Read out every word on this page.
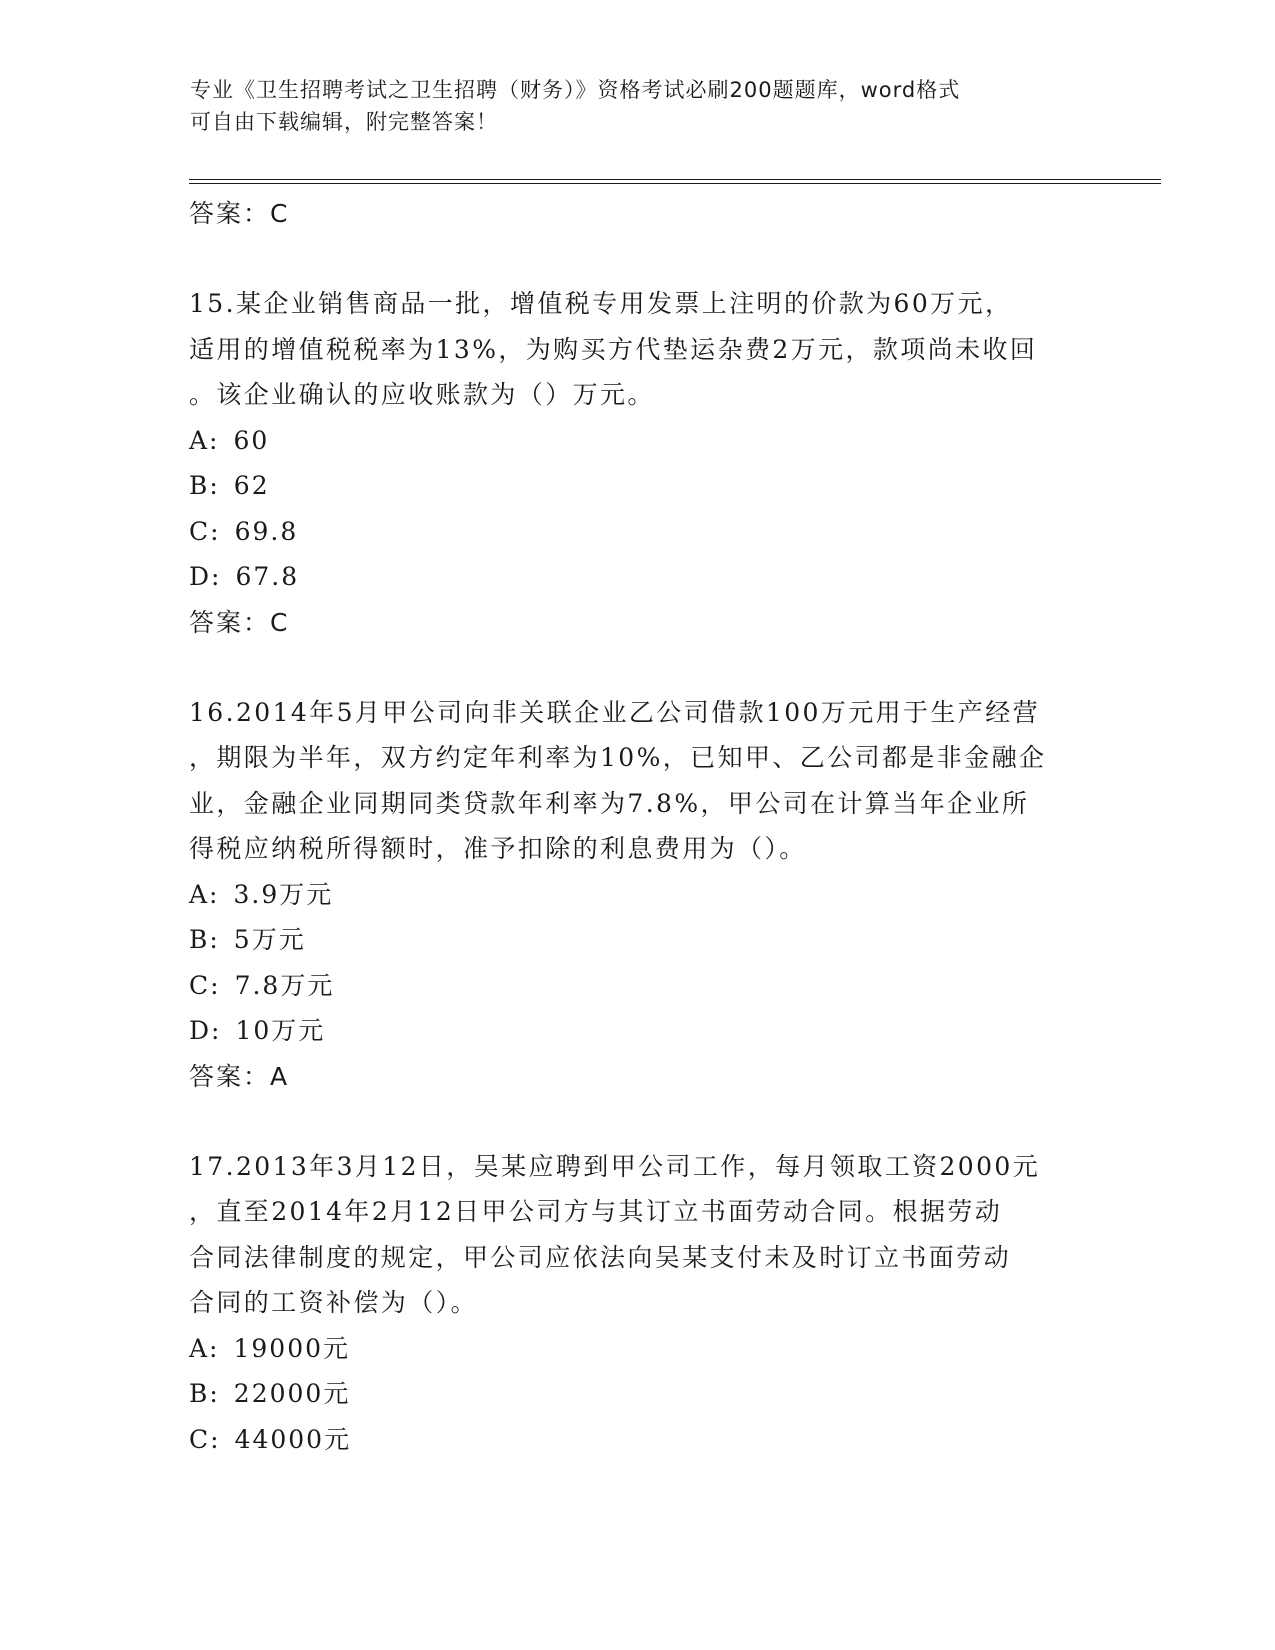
专业《卫生招聘考试之卫生招聘（财务）》资格考试必刷200题题库，word格式
可自由下载编辑，附完整答案！

答案：C

15.某企业销售商品一批，增值税专用发票上注明的价款为60万元，
适用的增值税税率为13%，为购买方代垫运杂费2万元，款项尚未收回
。该企业确认的应收账款为（）万元。
A: 60
B: 62
C: 69.8
D: 67.8

答案：C

16.2014年5月甲公司向非关联企业乙公司借款100万元用于生产经营
，期限为半年，双方约定年利率为10%，已知甲、乙公司都是非金融企
业，金融企业同期同类贷款年利率为7.8%，甲公司在计算当年企业所
得税应纳税所得额时，准予扣除的利息费用为（）。
A: 3.9万元
B: 5万元
C: 7.8万元
D: 10万元

答案：A

17.2013年3月12日，吴某应聘到甲公司工作，每月领取工资2000元
，直至2014年2月12日甲公司方与其订立书面劳动合同。根据劳动
合同法律制度的规定，甲公司应依法向吴某支付未及时订立书面劳动
合同的工资补偿为（）。
A: 19000元
B: 22000元
C: 44000元
